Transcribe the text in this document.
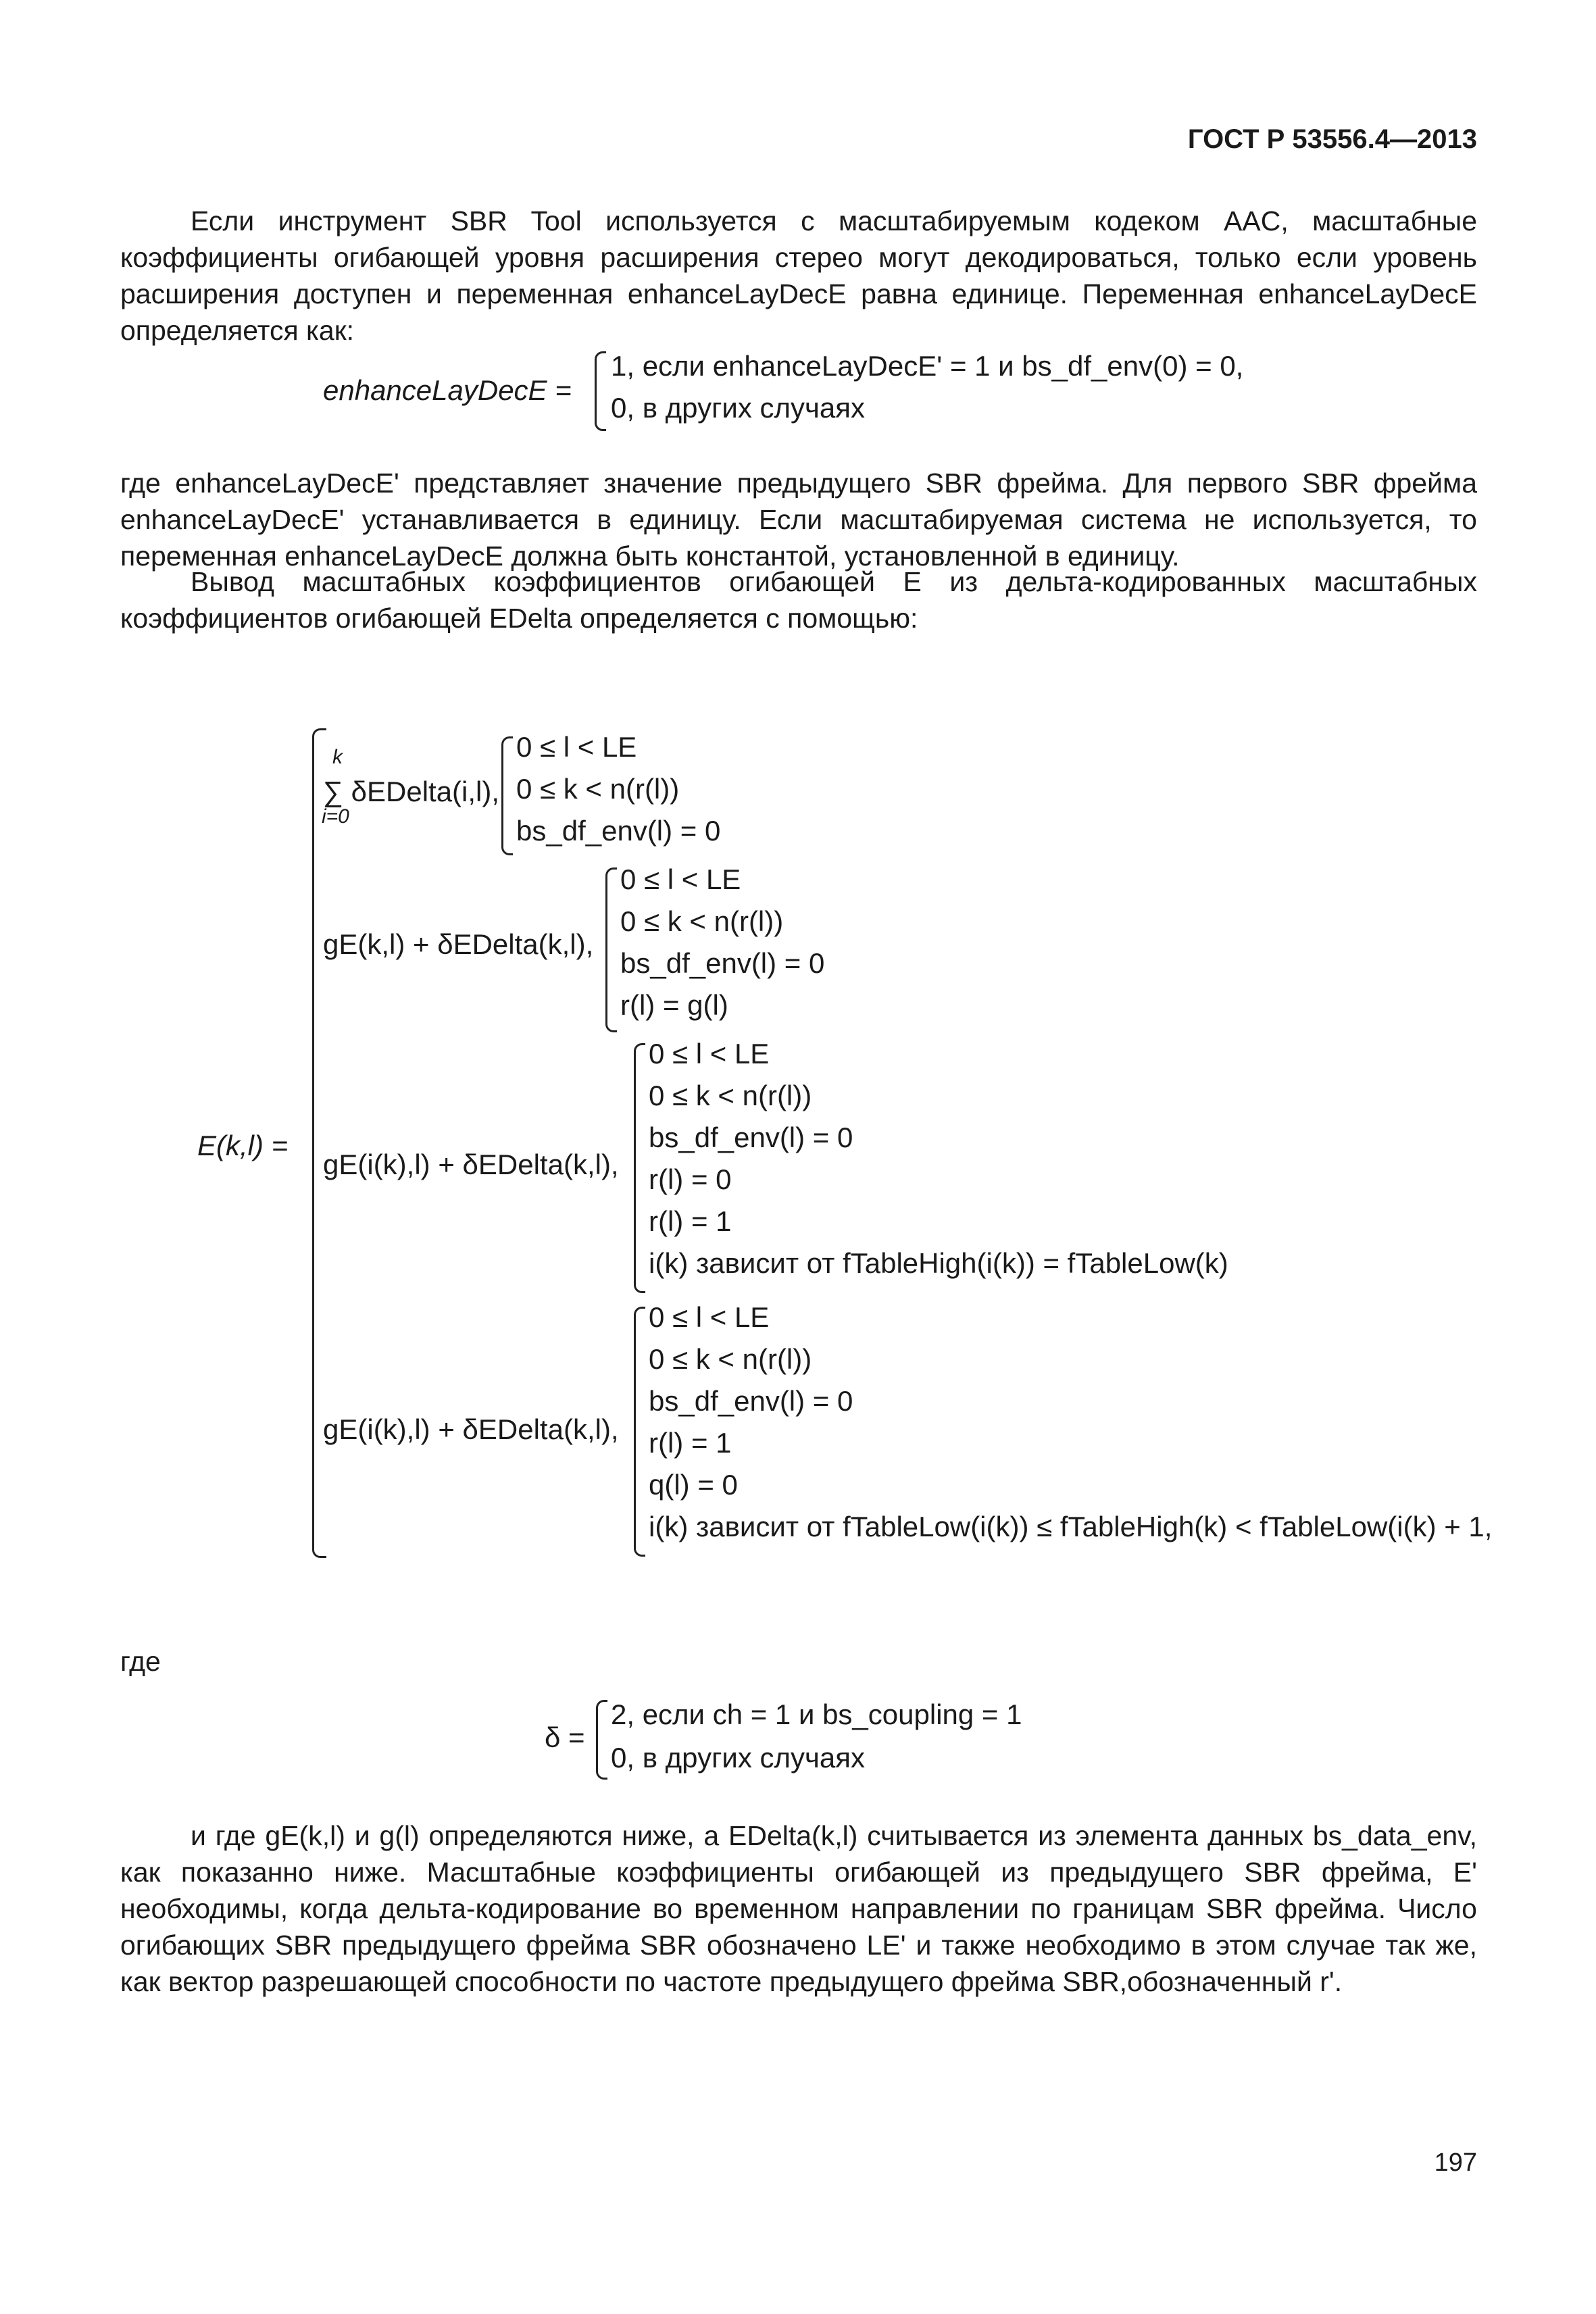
ГОСТ Р 53556.4—2013
Если инструмент SBR Tool используется с масштабируемым кодеком AAC, масштабные коэффициенты огибающей уровня расширения стерео могут декодироваться, только если уровень расширения доступен и переменная enhanceLayDecE равна единице. Переменная enhanceLayDecE определяется как:
enhanceLayDecE =
1, если enhanceLayDecE' = 1 и bs_df_env(0) = 0,
0, в других случаях
где enhanceLayDecE' представляет значение предыдущего SBR фрейма. Для первого SBR фрейма enhanceLayDecE' устанавливается в единицу. Если масштабируемая система не используется, то переменная enhanceLayDecE должна быть константой, установленной в единицу.
Вывод масштабных коэффициентов огибающей E из дельта-кодированных масштабных коэффициентов огибающей EDelta определяется с помощью:
E(k,l) =
k
i=0
∑ δEDelta(i,l),
0 ≤ l < LE
0 ≤ k < n(r(l))
bs_df_env(l) = 0
gE(k,l) + δEDelta(k,l),
0 ≤ l < LE
0 ≤ k < n(r(l))
bs_df_env(l) = 0
r(l) = g(l)
gE(i(k),l) + δEDelta(k,l),
0 ≤ l < LE
0 ≤ k < n(r(l))
bs_df_env(l) = 0
r(l) = 0
r(l) = 1
i(k) зависит от fTableHigh(i(k)) = fTableLow(k)
gE(i(k),l) + δEDelta(k,l),
0 ≤ l < LE
0 ≤ k < n(r(l))
bs_df_env(l) = 0
r(l) = 1
q(l) = 0
i(k) зависит от fTableLow(i(k)) ≤ fTableHigh(k) < fTableLow(i(k) + 1,
где
δ =
2, если ch = 1 и bs_coupling = 1
0, в других случаях
и где gE(k,l) и g(l) определяются ниже, а EDelta(k,l) считывается из элемента данных bs_data_env, как показанно ниже. Масштабные коэффициенты огибающей из предыдущего SBR фрейма, E' необходимы, когда дельта-кодирование во временном направлении по границам SBR фрейма. Число огибающих SBR предыдущего фрейма SBR обозначено LE' и также необходимо в этом случае так же, как вектор разрешающей способности по частоте предыдущего фрейма SBR,обозначенный r'.
197
